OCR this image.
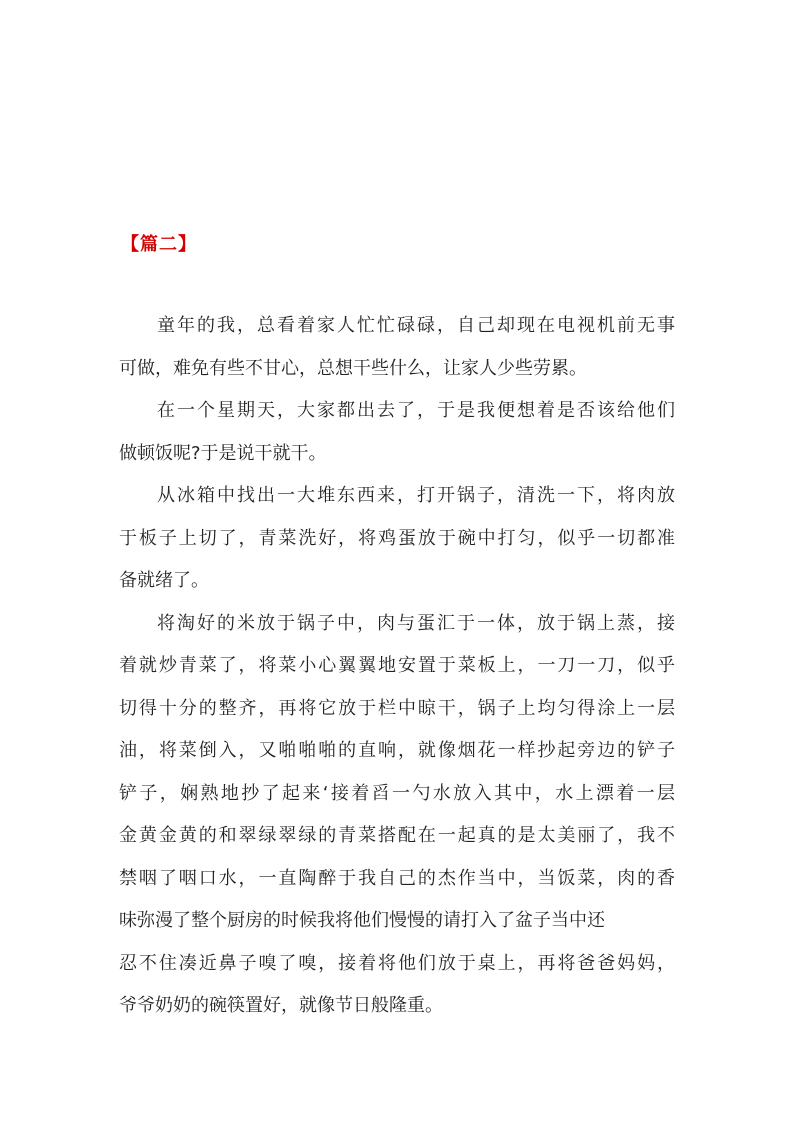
【篇二】

童年的我，总看着家人忙忙碌碌，自己却现在电视机前无事
可做，难免有些不甘心，总想干些什么，让家人少些劳累。

在一个星期天，大家都出去了，于是我便想着是否该给他们
做顿饭呢?于是说干就干。

从冰箱中找出一大堆东西来，打开锅子，清洗一下，将肉放
于板子上切了，青菜洗好，将鸡蛋放于碗中打匀，似乎一切都准
备就绪了。

将淘好的米放于锅子中，肉与蛋汇于一体，放于锅上蒸，接
着就炒青菜了，将菜小心翼翼地安置于菜板上，一刀一刀，似乎
切得十分的整齐，再将它放于栏中晾干，锅子上均匀得涂上一层
油，将菜倒入，又啪啪啪的直响，就像烟花一样抄起旁边的铲子
铲子，娴熟地抄了起来‘接着舀一勺水放入其中，水上漂着一层
金黄金黄的和翠绿翠绿的青菜搭配在一起真的是太美丽了，我不
禁咽了咽口水，一直陶醉于我自己的杰作当中，当饭菜，肉的香
味弥漫了整个厨房的时候我将他们慢慢的请打入了盆子当中还
忍不住凑近鼻子嗅了嗅，接着将他们放于桌上，再将爸爸妈妈，
爷爷奶奶的碗筷置好，就像节日般隆重。
